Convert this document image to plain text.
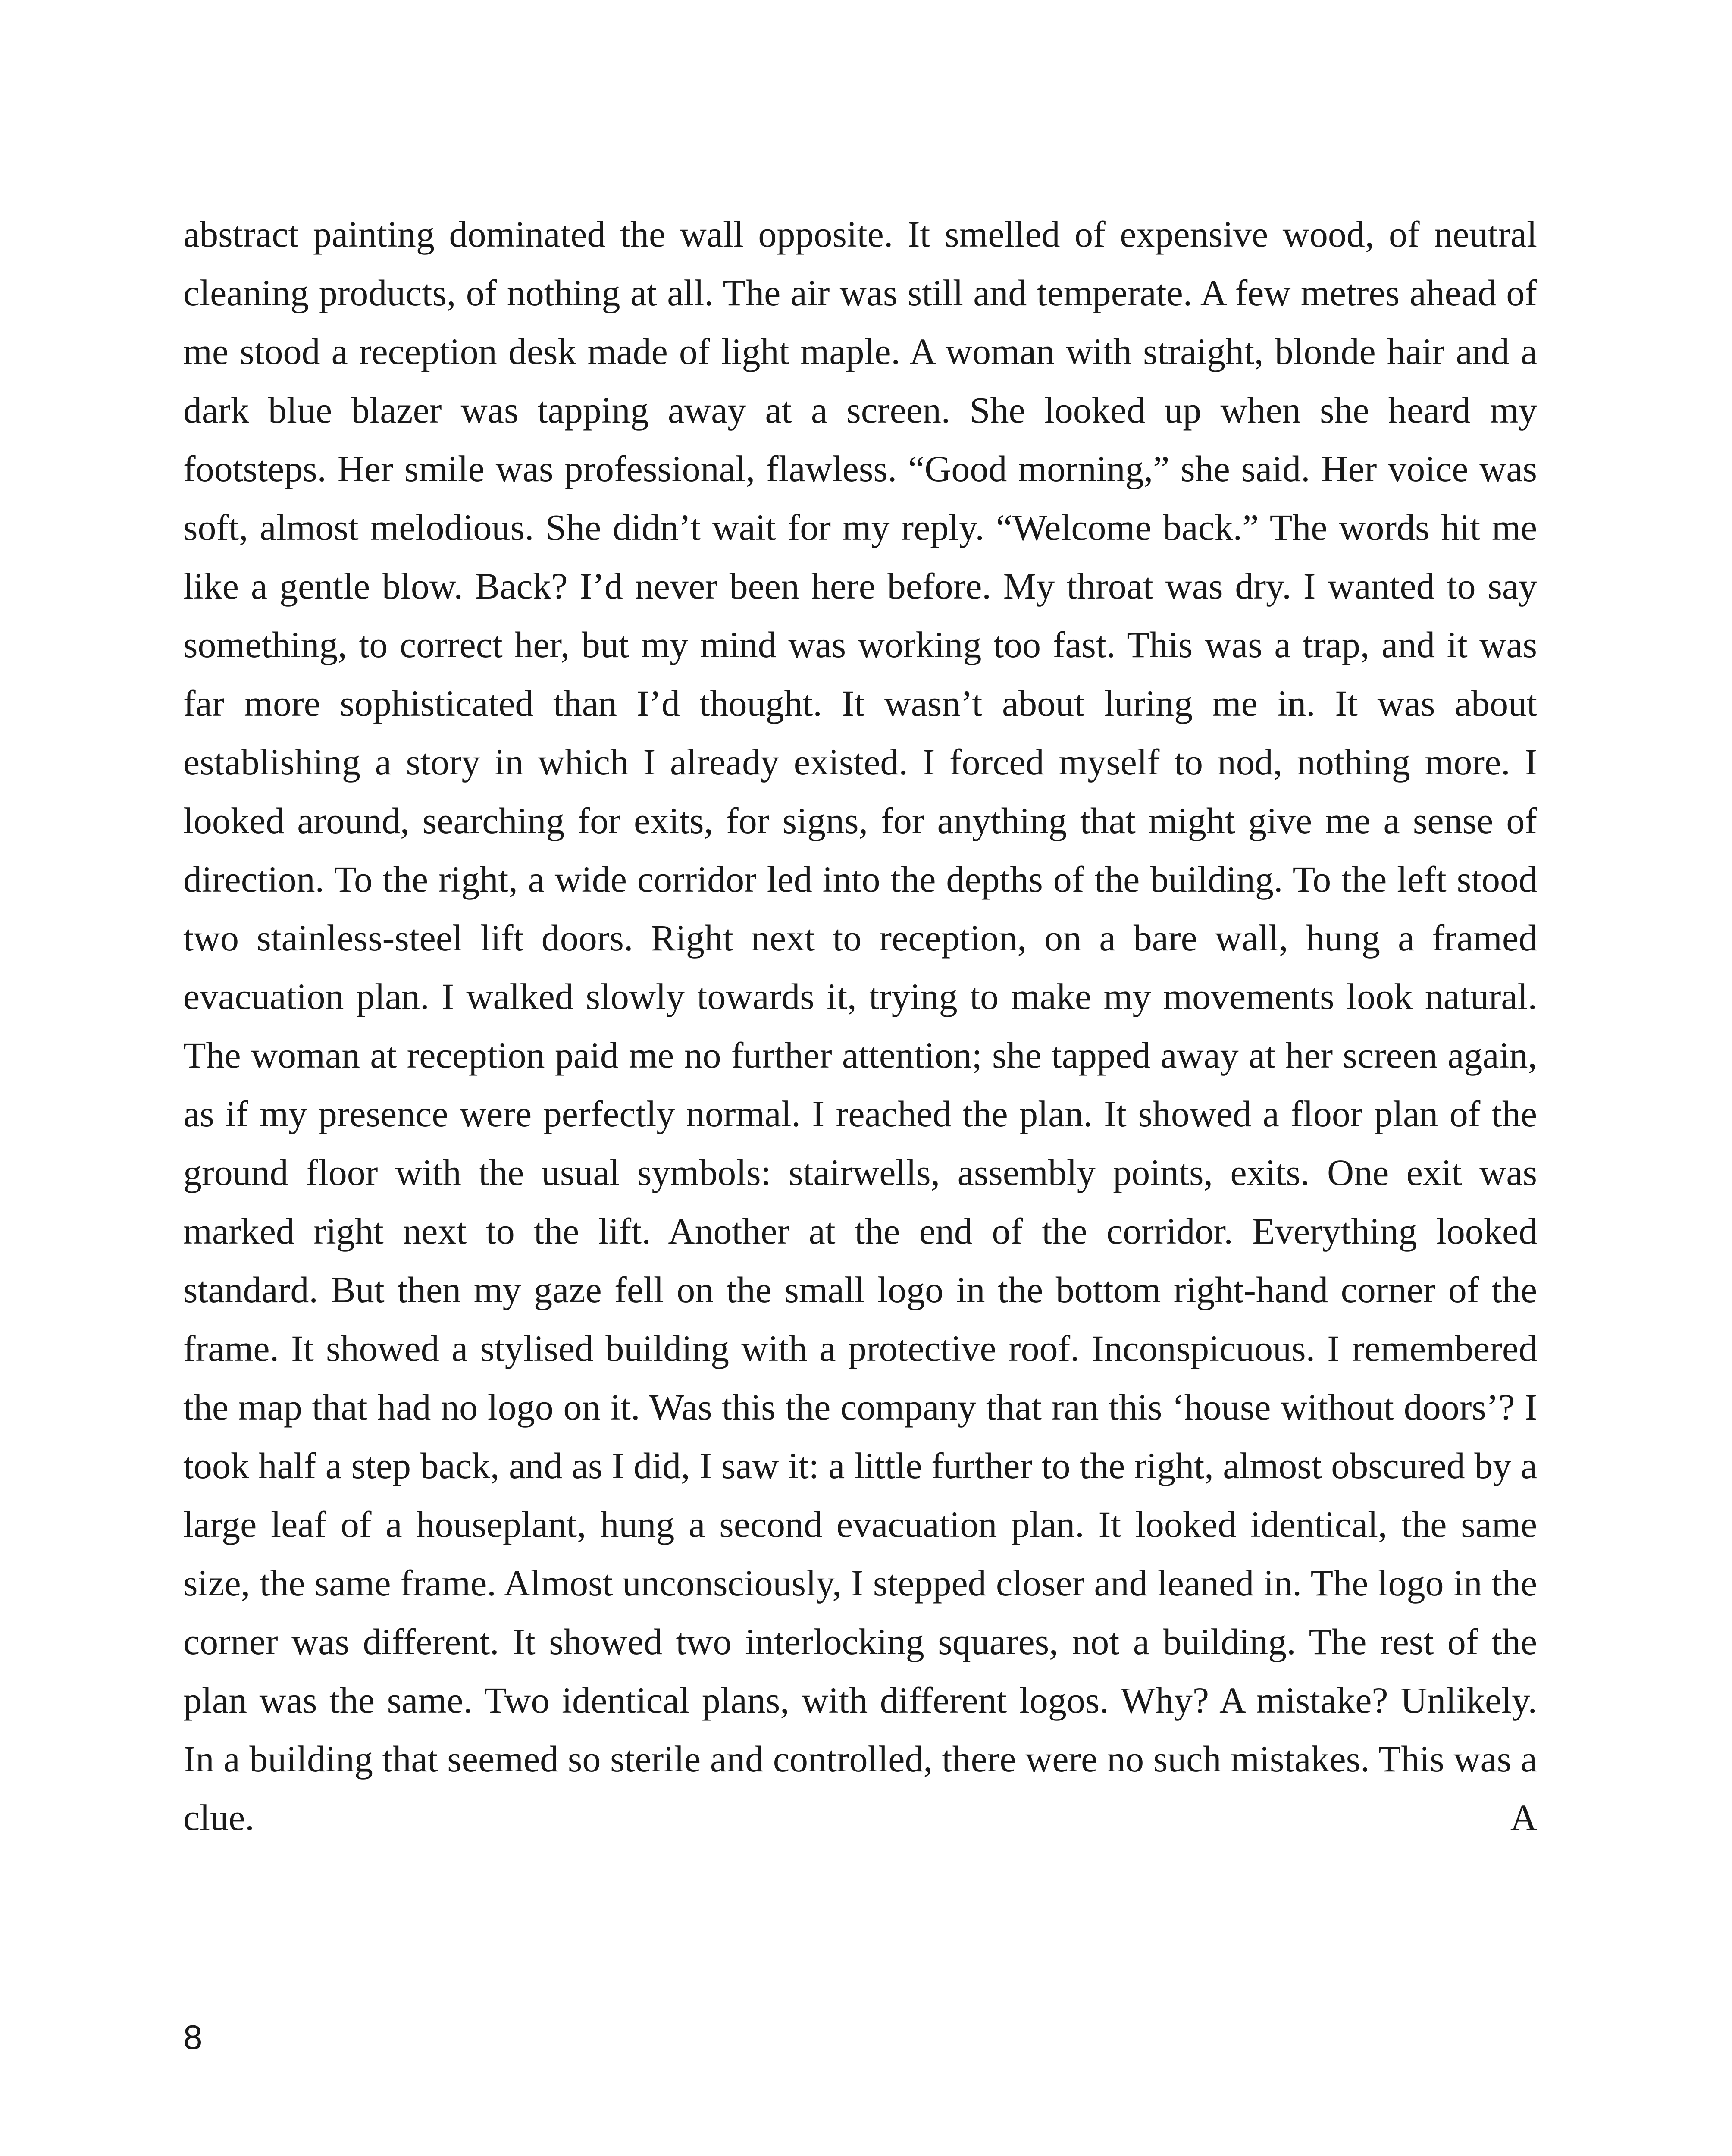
abstract painting dominated the wall opposite. It smelled of expensive wood, of neutral cleaning products, of nothing at all. The air was still and temperate. A few metres ahead of me stood a reception desk made of light maple. A woman with straight, blonde hair and a dark blue blazer was tapping away at a screen. She looked up when she heard my footsteps. Her smile was professional, flawless. “Good morning,” she said. Her voice was soft, almost melodious. She didn’t wait for my reply. “Welcome back.” The words hit me like a gentle blow. Back? I’d never been here before. My throat was dry. I wanted to say something, to correct her, but my mind was working too fast. This was a trap, and it was far more sophisticated than I’d thought. It wasn’t about luring me in. It was about establishing a story in which I already existed. I forced myself to nod, nothing more. I looked around, searching for exits, for signs, for anything that might give me a sense of direction. To the right, a wide corridor led into the depths of the building. To the left stood two stainless-steel lift doors. Right next to reception, on a bare wall, hung a framed evacuation plan. I walked slowly towards it, trying to make my movements look natural. The woman at reception paid me no further attention; she tapped away at her screen again, as if my presence were perfectly normal. I reached the plan. It showed a floor plan of the ground floor with the usual symbols: stairwells, assembly points, exits. One exit was marked right next to the lift. Another at the end of the corridor. Everything looked standard. But then my gaze fell on the small logo in the bottom right-hand corner of the frame. It showed a stylised building with a protective roof. Inconspicuous. I remembered the map that had no logo on it. Was this the company that ran this ‘house without doors’? I took half a step back, and as I did, I saw it: a little further to the right, almost obscured by a large leaf of a houseplant, hung a second evacuation plan. It looked identical, the same size, the same frame. Almost unconsciously, I stepped closer and leaned in. The logo in the corner was different. It showed two interlocking squares, not a building. The rest of the plan was the same. Two identical plans, with different logos. Why? A mistake? Unlikely. In a building that seemed so sterile and controlled, there were no such mistakes. This was a clue. A

8
